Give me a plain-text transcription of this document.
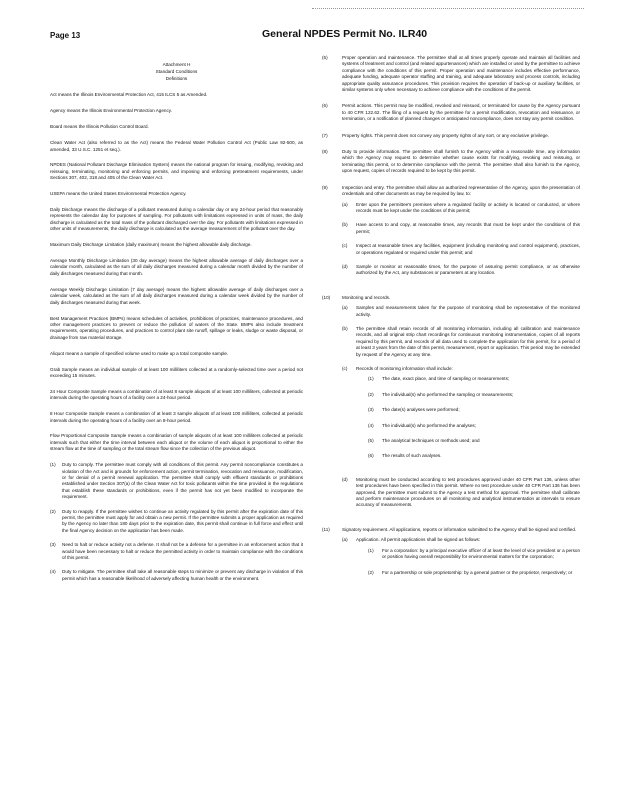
Page 13	General NPDES Permit No. ILR40
Attachment H
Standard Conditions
Definitions
Act means the Illinois Environmental Protection Act, 415 ILCS 5 as Amended.
Agency means the Illinois Environmental Protection Agency.
Board means the Illinois Pollution Control Board.
Clean Water Act (also referred to as the Act) means the Federal Water Pollution Control Act (Public Law 92-500, as amended, 33 U.S.C. 1251 et seq.).
NPDES (National Pollutant Discharge Elimination System) means the national program for issuing, modifying, revoking and reissuing, terminating, monitoring and enforcing permits, and imposing and enforcing pretreatment requirements, under Sections 307, 402, 318 and 405 of the Clean Water Act.
USEPA means the United States Environmental Protection Agency.
Daily Discharge means the discharge of a pollutant measured during a calendar day or any 24-hour period that reasonably represents the calendar day for purposes of sampling. For pollutants with limitations expressed in units of mass, the daily discharge is calculated as the total mass of the pollutant discharged over the day. For pollutants with limitations expressed in other units of measurements, the daily discharge is calculated as the average measurement of the pollutant over the day.
Maximum Daily Discharge Limitation (daily maximum) means the highest allowable daily discharge.
Average Monthly Discharge Limitation (30 day average) means the highest allowable average of daily discharges over a calendar month, calculated as the sum of all daily discharges measured during a calendar month divided by the number of daily discharges measured during that month.
Average Weekly Discharge Limitation (7 day average) means the highest allowable average of daily discharges over a calendar week, calculated as the sum of all daily discharges measured during a calendar week divided by the number of daily discharges measured during that week.
Best Management Practices (BMPs) means schedules of activities, prohibitions of practices, maintenance procedures, and other management practices to prevent or reduce the pollution of waters of the State. BMPs also include treatment requirements, operating procedures, and practices to control plant site runoff, spillage or leaks, sludge or waste disposal, or drainage from raw material storage.
Aliquot means a sample of specified volume used to make up a total composite sample.
Grab Sample means an individual sample of at least 100 milliliters collected at a randomly-selected time over a period not exceeding 15 minutes.
24 Hour Composite Sample means a combination of at least 8 sample aliquots of at least 100 milliliters, collected at periodic intervals during the operating hours of a facility over a 24-hour period.
8 Hour Composite Sample means a combination of at least 3 sample aliquots of at least 100 milliliters, collected at periodic intervals during the operating hours of a facility over an 8-hour period.
Flow Proportional Composite Sample means a combination of sample aliquots of at least 100 milliliters collected at periodic intervals such that either the time interval between each aliquot or the volume of each aliquot is proportional to either the stream flow at the time of sampling or the total stream flow since the collection of the previous aliquot.
(1)	Duty to comply. The permittee must comply with all conditions of this permit. Any permit noncompliance constitutes a violation of the Act and is grounds for enforcement action, permit termination, revocation and reissuance, modification, or for denial of a permit renewal application. The permittee shall comply with effluent standards or prohibitions established under Section 307(a) of the Clean Water Act for toxic pollutants within the time provided in the regulations that establish these standards or prohibitions, even if the permit has not yet been modified to incorporate the requirement.
(2)	Duty to reapply. If the permittee wishes to continue an activity regulated by this permit after the expiration date of this permit, the permittee must apply for and obtain a new permit. If the permittee submits a proper application as required by the Agency no later than 180 days prior to the expiration date, this permit shall continue in full force and effect until the final Agency decision on the application has been made.
(3)	Need to halt or reduce activity not a defense. It shall not be a defense for a permittee in an enforcement action that it would have been necessary to halt or reduce the permitted activity in order to maintain compliance with the conditions of this permit.
(4)	Duty to mitigate. The permittee shall take all reasonable steps to minimize or prevent any discharge in violation of this permit which has a reasonable likelihood of adversely affecting human health or the environment.
(5)	Proper operation and maintenance. The permittee shall at all times properly operate and maintain all facilities and systems of treatment and control (and related appurtenances) which are installed or used by the permittee to achieve compliance with the conditions of this permit. Proper operation and maintenance includes effective performance, adequate funding, adequate operator staffing and training, and adequate laboratory and process controls, including appropriate quality assurance procedures. This provision requires the operation of back-up or auxiliary facilities, or similar systems only when necessary to achieve compliance with the conditions of the permit.
(6)	Permit actions. This permit may be modified, revoked and reissued, or terminated for cause by the Agency pursuant to 40 CFR 122.62. The filing of a request by the permittee for a permit modification, revocation and reissuance, or termination, or a notification of planned changes or anticipated noncompliance, does not stay any permit condition.
(7)	Property rights. This permit does not convey any property rights of any sort, or any exclusive privilege.
(8)	Duty to provide information. The permittee shall furnish to the Agency within a reasonable time, any information which the Agency may request to determine whether cause exists for modifying, revoking and reissuing, or terminating this permit, or to determine compliance with the permit. The permittee shall also furnish to the Agency, upon request, copies of records required to be kept by this permit.
(9)	Inspection and entry. The permittee shall allow an authorized representative of the Agency, upon the presentation of credentials and other documents as may be required by law, to:
(a)	Enter upon the permittee's premises where a regulated facility or activity is located or conducted, or where records must be kept under the conditions of this permit;
(b)	Have access to and copy, at reasonable times, any records that must be kept under the conditions of this permit;
(c)	Inspect at reasonable times any facilities, equipment (including monitoring and control equipment), practices, or operations regulated or required under this permit; and
(d)	Sample or monitor at reasonable times, for the purpose of assuring permit compliance, or as otherwise authorized by the Act, any substances or parameters at any location.
(10)	Monitoring and records.
(a)	Samples and measurements taken for the purpose of monitoring shall be representative of the monitored activity.
(b)	The permittee shall retain records of all monitoring information, including all calibration and maintenance records, and all original strip chart recordings for continuous monitoring instrumentation, copies of all reports required by this permit, and records of all data used to complete the application for this permit, for a period of at least 3 years from the date of this permit, measurement, report or application. This period may be extended by request of the Agency at any time.
(c)	Records of monitoring information shall include:
(1)	The date, exact place, and time of sampling or measurements;
(2)	The individual(s) who performed the sampling or measurements;
(3)	The date(s) analyses were performed;
(4)	The individual(s) who performed the analyses;
(5)	The analytical techniques or methods used; and
(6)	The results of such analyses.
(d)	Monitoring must be conducted according to test procedures approved under 40 CFR Part 136, unless other test procedures have been specified in this permit. Where no test procedure under 40 CFR Part 136 has been approved, the permittee must submit to the Agency a test method for approval. The permittee shall calibrate and perform maintenance procedures on all monitoring and analytical instrumentation at intervals to ensure accuracy of measurements.
(11)	Signatory requirement. All applications, reports or information submitted to the Agency shall be signed and certified.
(a)	Application. All permit applications shall be signed as follows:
(1)	For a corporation: by a principal executive officer of at least the level of vice president or a person or position having overall responsibility for environmental matters for the corporation;
(2)	For a partnership or sole proprietorship: by a general partner or the proprietor, respectively; or
